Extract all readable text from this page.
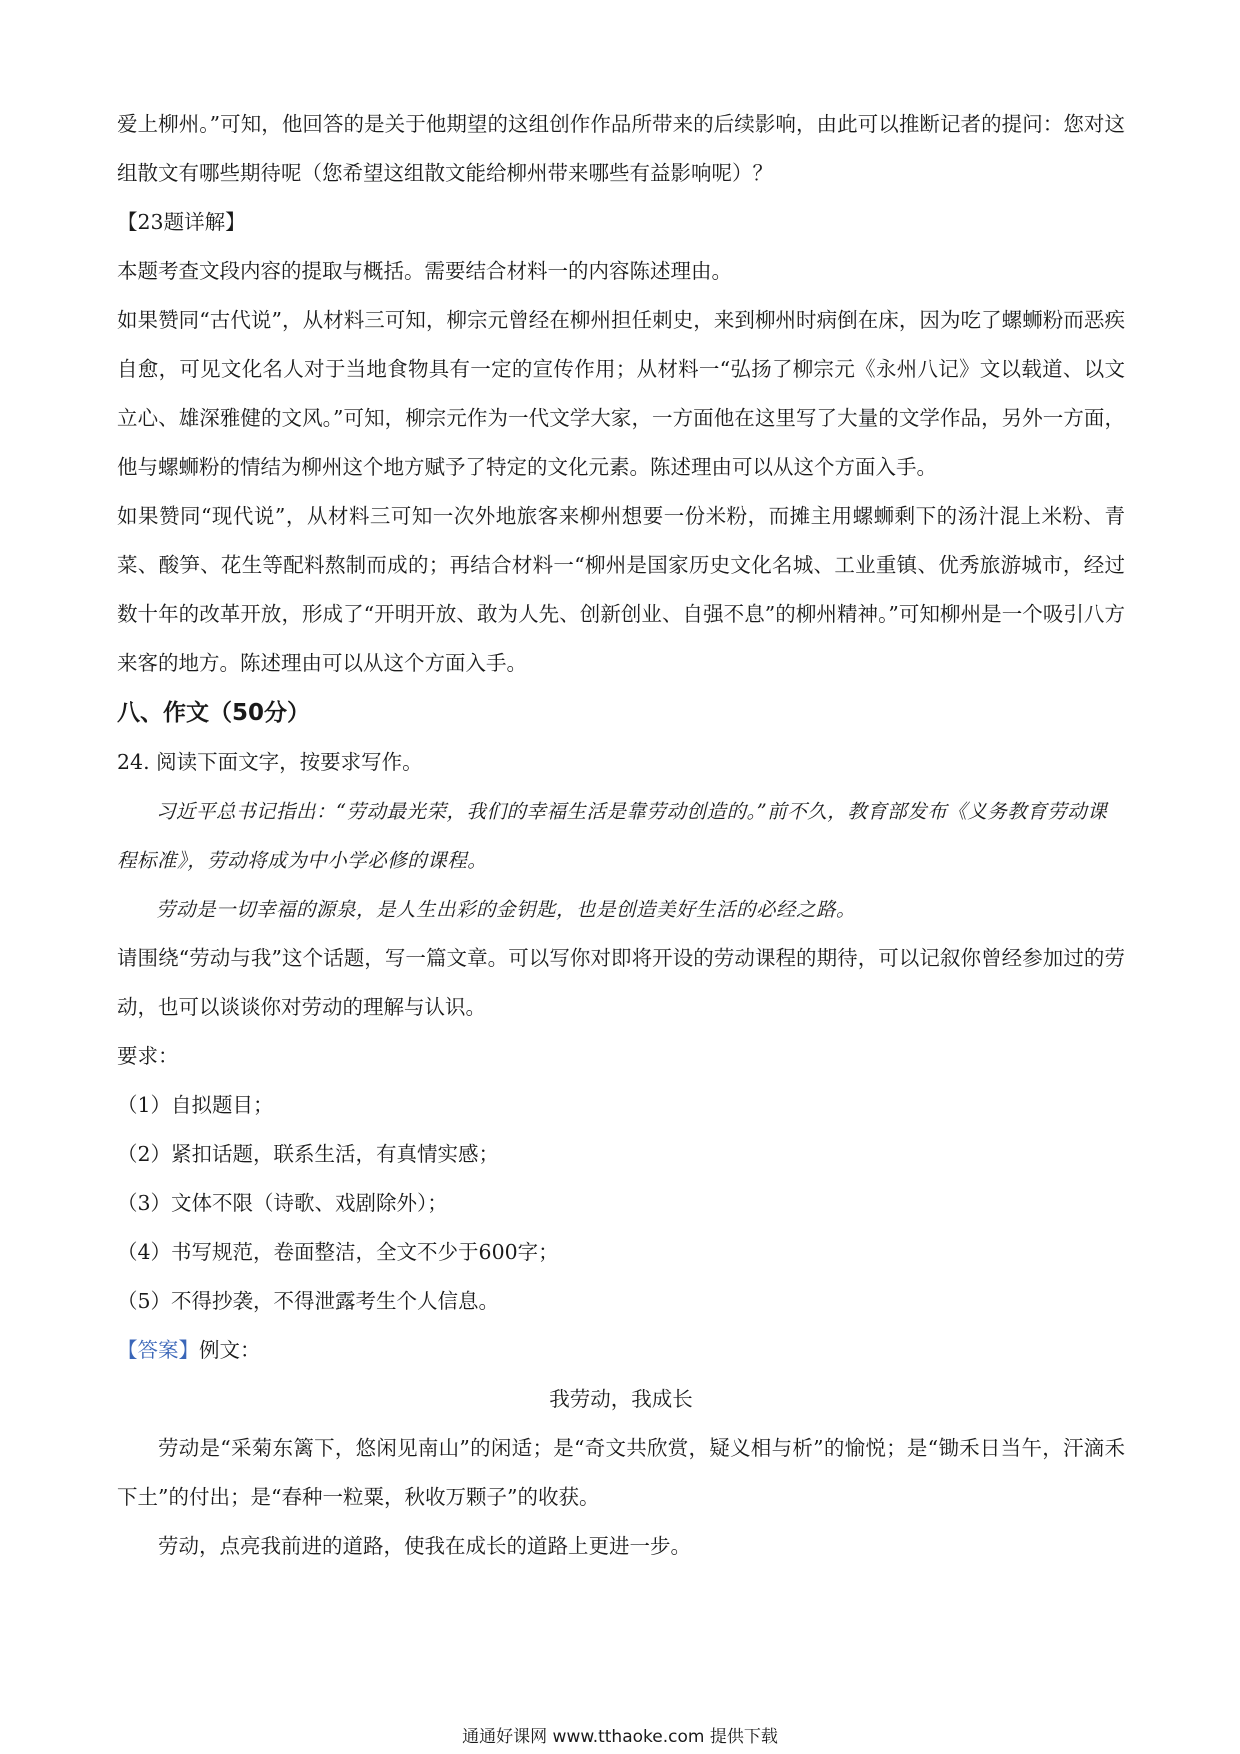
爱上柳州。”可知，他回答的是关于他期望的这组创作作品所带来的后续影响，由此可以推断记者的提问：您对这组散文有哪些期待呢（您希望这组散文能给柳州带来哪些有益影响呢）？

【23题详解】

本题考查文段内容的提取与概括。需要结合材料一的内容陈述理由。

如果赞同“古代说”，从材料三可知，柳宗元曾经在柳州担任刺史，来到柳州时病倒在床，因为吃了螺蛳粉而恶疾自愈，可见文化名人对于当地食物具有一定的宣传作用；从材料一“弘扬了柳宗元《永州八记》文以载道、以文立心、雄深雅健的文风。”可知，柳宗元作为一代文学大家，一方面他在这里写了大量的文学作品，另外一方面，他与螺蛳粉的情结为柳州这个地方赋予了特定的文化元素。陈述理由可以从这个方面入手。

如果赞同“现代说”，从材料三可知一次外地旅客来柳州想要一份米粉，而摊主用螺蛳剩下的汤汁混上米粉、青菜、酸笋、花生等配料熬制而成的；再结合材料一“柳州是国家历史文化名城、工业重镇、优秀旅游城市，经过数十年的改革开放，形成了“开明开放、敢为人先、创新创业、自强不息”的柳州精神。”可知柳州是一个吸引八方来客的地方。陈述理由可以从这个方面入手。

八、作文（50分）

24. 阅读下面文字，按要求写作。

习近平总书记指出：“劳动最光荣，我们的幸福生活是靠劳动创造的。”前不久，教育部发布《义务教育劳动课程标准》，劳动将成为中小学必修的课程。

劳动是一切幸福的源泉，是人生出彩的金钥匙，也是创造美好生活的必经之路。

请围绕“劳动与我”这个话题，写一篇文章。可以写你对即将开设的劳动课程的期待，可以记叙你曾经参加过的劳动，也可以谈谈你对劳动的理解与认识。

要求：

（1）自拟题目；

（2）紧扣话题，联系生活，有真情实感；

（3）文体不限（诗歌、戏剧除外）；

（4）书写规范，卷面整洁，全文不少于600字；

（5）不得抄袭，不得泄露考生个人信息。

【答案】例文：

我劳动，我成长

劳动是“采菊东篱下，悠闲见南山”的闲适；是“奇文共欣赏，疑义相与析”的愉悦；是“锄禾日当午，汗滴禾下土”的付出；是“春种一粒粟，秋收万颗子”的收获。

劳动，点亮我前进的道路，使我在成长的道路上更进一步。

通通好课网 www.tthaoke.com 提供下载
